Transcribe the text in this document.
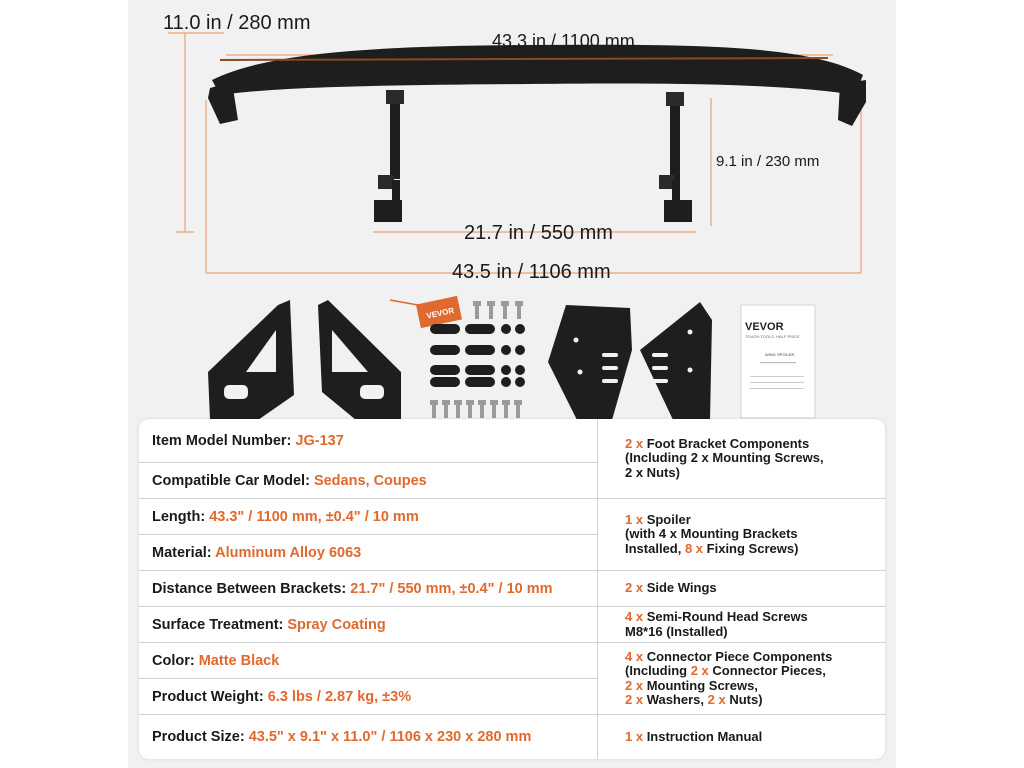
VEVOR
VEVOR
TOUGH TOOLS, HALF PRICE
WING SPOILER
11.0 in / 280 mm
43.3 in / 1100 mm
9.1 in / 230 mm
21.7 in / 550 mm
43.5 in / 1106 mm
Item Model Number: JG-137
Compatible Car Model: Sedans, Coupes
Length: 43.3" / 1100 mm, ±0.4" / 10 mm
Material: Aluminum Alloy 6063
Distance Between Brackets: 21.7" / 550 mm, ±0.4" / 10 mm
Surface Treatment: Spray Coating
Color: Matte Black
Product Weight: 6.3 lbs / 2.87 kg, ±3%
Product Size: 43.5" x 9.1" x 11.0" / 1106 x 230 x 280 mm
2 x Foot Bracket Components
(Including 2 x Mounting Screws,
2 x Nuts)
1 x Spoiler
(with 4 x Mounting Brackets
Installed, 8 x Fixing Screws)
2 x Side Wings
4 x Semi-Round Head Screws
M8*16 (Installed)
4 x Connector Piece Components
(Including 2 x Connector Pieces,
2 x Mounting Screws,
2 x Washers, 2 x Nuts)
1 x Instruction Manual
